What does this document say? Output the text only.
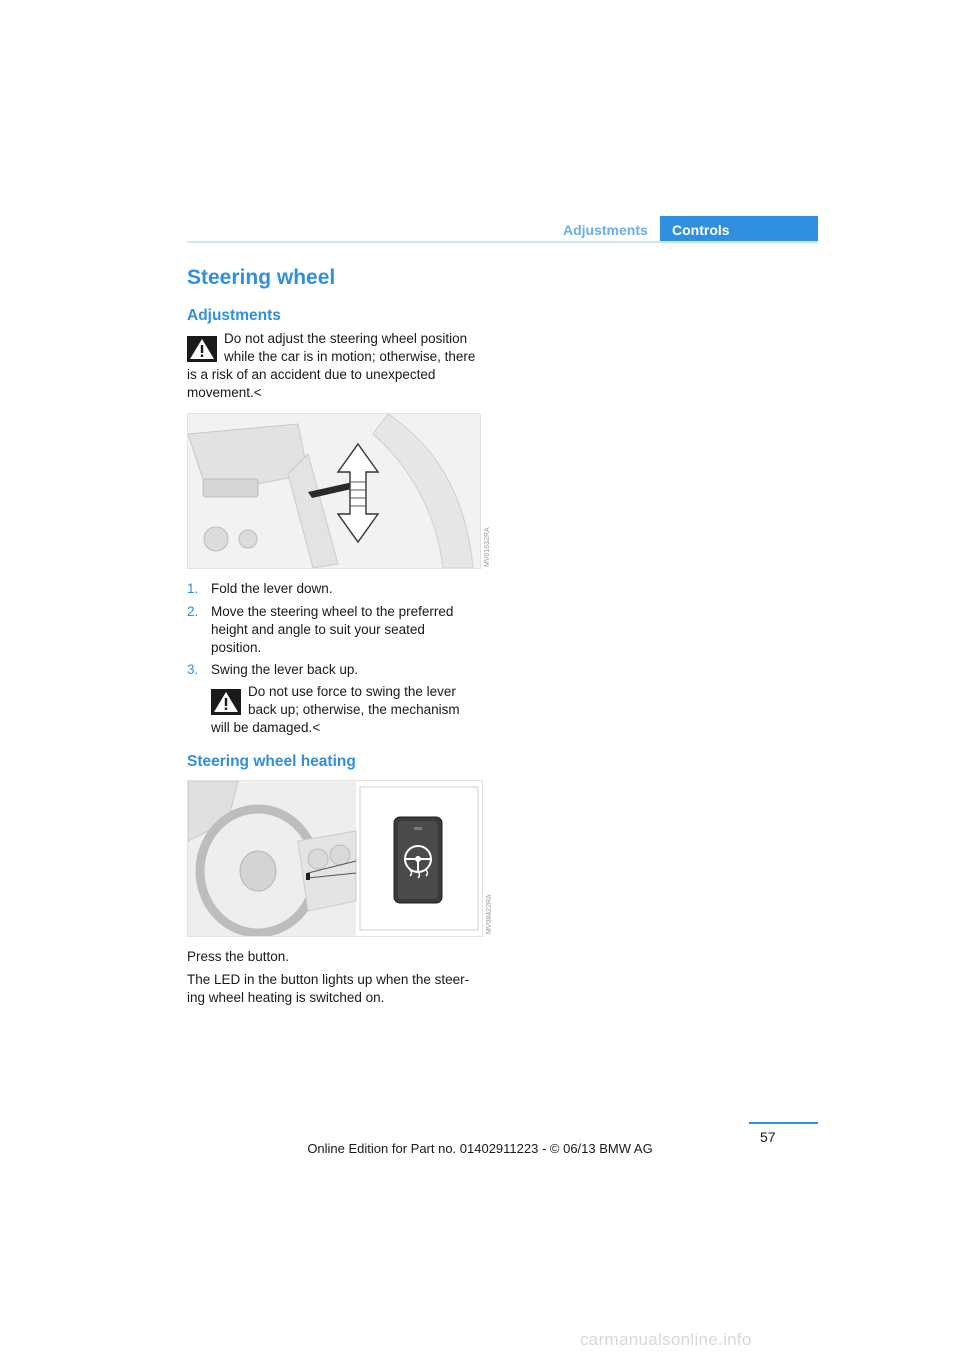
Adjustments	Controls
Steering wheel
Adjustments

Do not adjust the steering wheel position

while the car is in motion; otherwise, there

is a risk of an accident due to unexpected

movement.<

MV01632RA

1. Fold the lever down.

2. Move the steering wheel to the preferred

height and angle to suit your seated

position.

3. Swing the lever back up.

Do not use force to swing the lever

back up; otherwise, the mechanism

will be damaged.<

Steering wheel heating
MV08422RA

Press the button.

The LED in the button lights up when the steer-

ing wheel heating is switched on.

57
Online Edition for Part no. 01402911223 - © 06/13 BMW AG
carmanualsonline.info
